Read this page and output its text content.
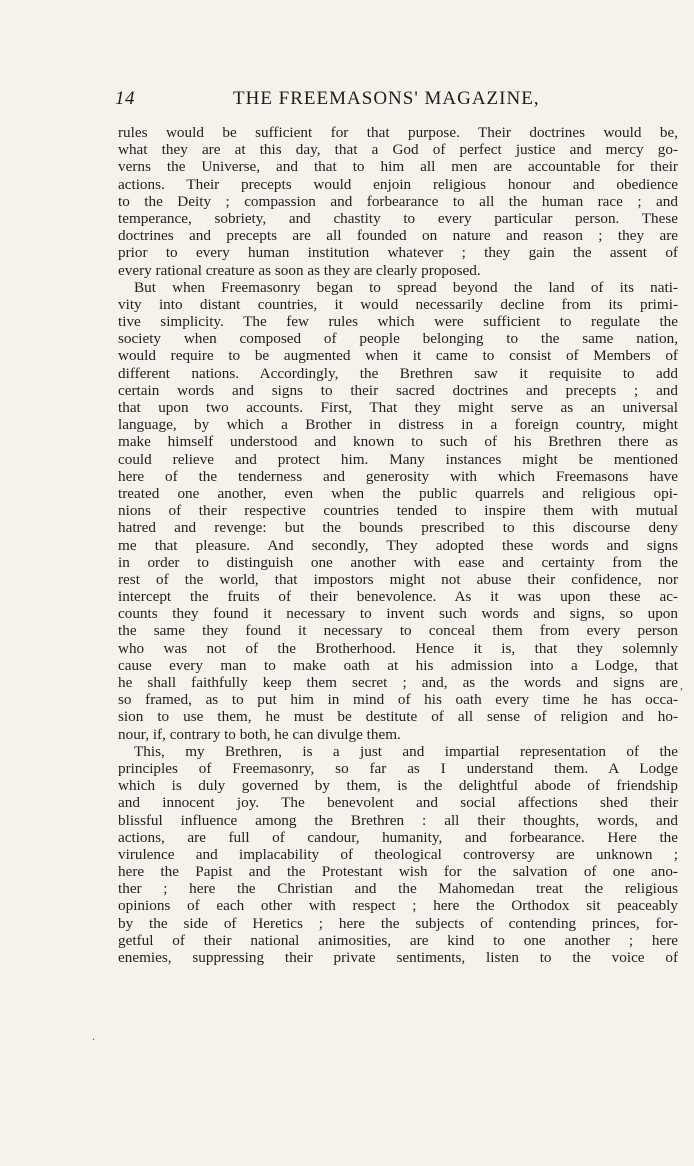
14	THE FREEMASONS' MAGAZINE,
rules would be sufficient for that purpose. Their doctrines would be,
what they are at this day, that a God of perfect justice and mercy go-
verns the Universe, and that to him all men are accountable for their
actions. Their precepts would enjoin religious honour and obedience
to the Deity ; compassion and forbearance to all the human race ; and
temperance, sobriety, and chastity to every particular person. These
doctrines and precepts are all founded on nature and reason ; they are
prior to every human institution whatever ; they gain the assent of
every rational creature as soon as they are clearly proposed.
But when Freemasonry began to spread beyond the land of its nati-
vity into distant countries, it would necessarily decline from its primi-
tive simplicity. The few rules which were sufficient to regulate the
society when composed of people belonging to the same nation,
would require to be augmented when it came to consist of Members of
different nations. Accordingly, the Brethren saw it requisite to add
certain words and signs to their sacred doctrines and precepts ; and
that upon two accounts. First, That they might serve as an universal
language, by which a Brother in distress in a foreign country, might
make himself understood and known to such of his Brethren there as
could relieve and protect him. Many instances might be mentioned
here of the tenderness and generosity with which Freemasons have
treated one another, even when the public quarrels and religious opi-
nions of their respective countries tended to inspire them with mutual
hatred and revenge: but the bounds prescribed to this discourse deny
me that pleasure. And secondly, They adopted these words and signs
in order to distinguish one another with ease and certainty from the
rest of the world, that impostors might not abuse their confidence, nor
intercept the fruits of their benevolence. As it was upon these ac-
counts they found it necessary to invent such words and signs, so upon
the same they found it necessary to conceal them from every person
who was not of the Brotherhood. Hence it is, that they solemnly
cause every man to make oath at his admission into a Lodge, that
he shall faithfully keep them secret ; and, as the words and signs are
so framed, as to put him in mind of his oath every time he has occa-
sion to use them, he must be destitute of all sense of religion and ho-
nour, if, contrary to both, he can divulge them.
This, my Brethren, is a just and impartial representation of the
principles of Freemasonry, so far as I understand them. A Lodge
which is duly governed by them, is the delightful abode of friendship
and innocent joy. The benevolent and social affections shed their
blissful influence among the Brethren : all their thoughts, words, and
actions, are full of candour, humanity, and forbearance. Here the
virulence and implacability of theological controversy are unknown ;
here the Papist and the Protestant wish for the salvation of one ano-
ther ; here the Christian and the Mahomedan treat the religious
opinions of each other with respect ; here the Orthodox sit peaceably
by the side of Heretics ; here the subjects of contending princes, for-
getful of their national animosities, are kind to one another ; here
enemies, suppressing their private sentiments, listen to the voice of
,
.
